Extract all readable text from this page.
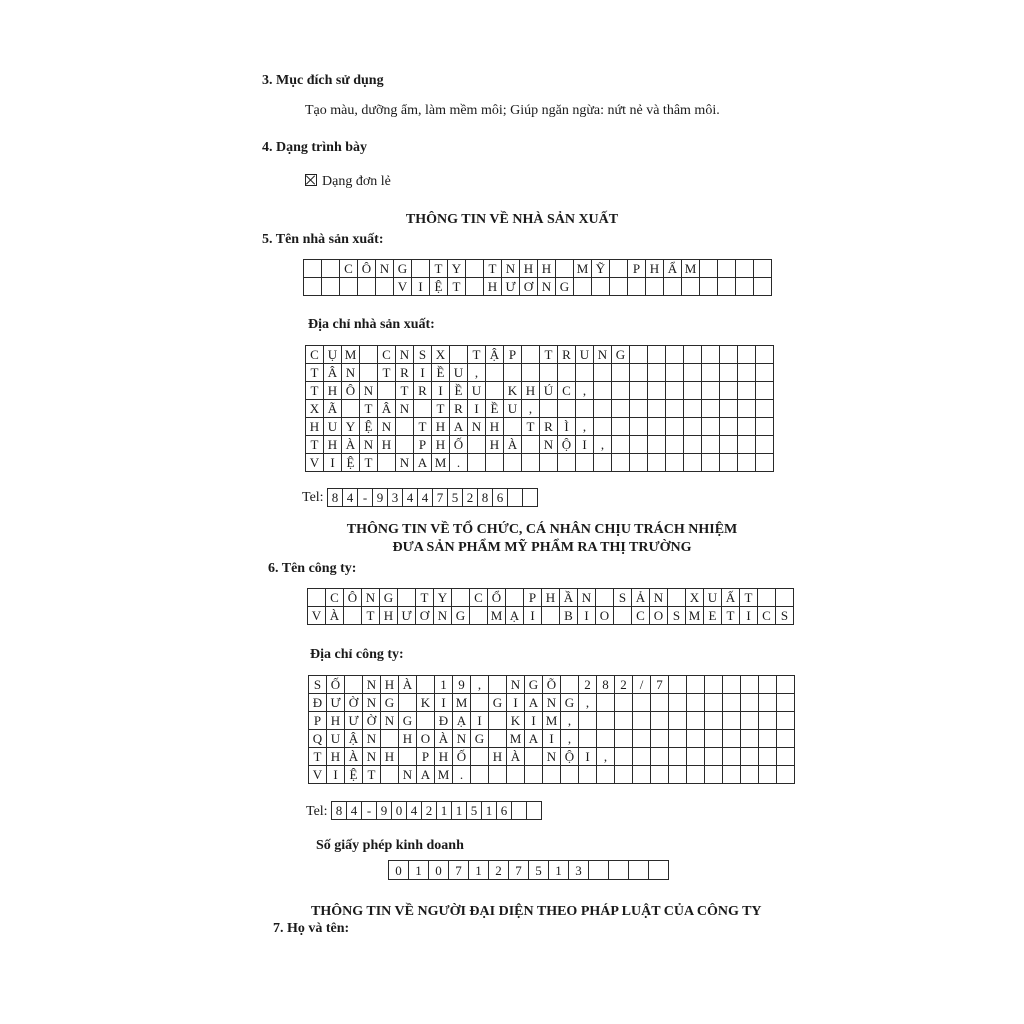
3. Mục đích sử dụng
Tạo màu, dưỡng ẩm, làm mềm môi; Giúp ngăn ngừa: nứt nẻ và thâm môi.
4. Dạng trình bày
Dạng đơn lẻ
THÔNG TIN VỀ NHÀ SẢN XUẤT
5. Tên nhà sản xuất:
		C	Ô	N	G		T	Y		T	N	H	H		M	Ỹ		P	H	Ẩ	M				
					V	I	Ệ	T		H	Ư	Ơ	N	G											
Địa chỉ nhà sản xuất:
C	Ụ	M		C	N	S	X		T	Ậ	P		T	R	U	N	G								
T	Â	N		T	R	I	Ề	U	,																
T	H	Ô	N		T	R	I	Ề	U		K	H	Ú	C	,										
X	Ã		T	Â	N		T	R	I	Ề	U	,													
H	U	Y	Ệ	N		T	H	A	N	H		T	R	Ì	,										
T	H	À	N	H		P	H	Ố		H	À		N	Ộ	I	,									
V	I	Ệ	T		N	A	M	.																	
Tel: 8	4	-	9	3	4	4	7	5	2	8	6		
THÔNG TIN VỀ TỔ CHỨC, CÁ NHÂN CHỊU TRÁCH NHIỆM
ĐƯA SẢN PHẨM MỸ PHẨM RA THỊ TRƯỜNG
6. Tên công ty:
	C	Ô	N	G		T	Y		C	Ổ		P	H	Ầ	N		S	Ả	N		X	U	Ấ	T		
V	À		T	H	Ư	Ơ	N	G		M	Ạ	I		B	I	O		C	O	S	M	E	T	I	C	S
Địa chỉ công ty:
S	Ố		N	H	À		1	9	,		N	G	Õ		2	8	2	/	7							
Đ	Ư	Ờ	N	G		K	I	M		G	I	A	N	G	,											
P	H	Ư	Ờ	N	G		Đ	Ạ	I		K	I	M	,												
Q	U	Ậ	N		H	O	À	N	G		M	A	I	,												
T	H	À	N	H		P	H	Ố		H	À		N	Ộ	I	,										
V	I	Ệ	T		N	A	M	.																		
Tel: 8	4	-	9	0	4	2	1	1	5	1	6		
Số giấy phép kinh doanh
0	1	0	7	1	2	7	5	1	3				
THÔNG TIN VỀ NGƯỜI ĐẠI DIỆN THEO PHÁP LUẬT CỦA CÔNG TY
7. Họ và tên:
